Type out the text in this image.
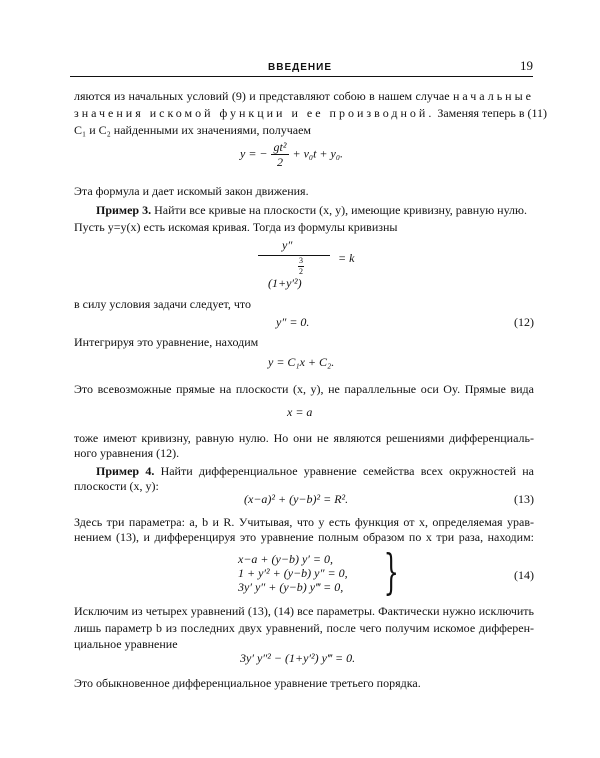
ВВЕДЕНИЕ	19
ляются из начальных условий (9) и представляют собою в нашем случае начальные
значения искомой функции и ее производной. Заменяя теперь в (11)
C₁ и C₂ найденными их значениями, получаем
y = − $\frac{\text{gt²}}{2} + v_0t + y_0$.
Эта формула и дает искомый закон движения.
Пример 3. Найти все кривые на плоскости (x, y), имеющие кривизну, равную нулю.
Пусть y=y(x) есть искомая кривая. Тогда из формулы кривизны
y″
= k
(1+y′²)
$\frac{3}{2}$
в силу условия задачи следует, что
y″ = 0.	(12)
Интегрируя это уравнение, находим
y = C₁x + C₂.
Это всевозможные прямые на плоскости (x, y), не параллельные оси Oy. Прямые вида
x = a
тоже имеют кривизну, равную нулю. Но они не являются решениями дифференциаль-
ного уравнения (12).
Пример 4. Найти дифференциальное уравнение семейства всех окружностей на
плоскости (x, y):
(x−a)² + (y−b)² = R².	(13)
Здесь три параметра: a, b и R. Учитывая, что y есть функция от x, определяемая урав-
нением (13), и дифференцируя это уравнение полным образом по x три раза, находим:
x−a + (y−b) y′ = 0,
1 + y′² + (y−b) y″ = 0,
3y′ y″ + (y−b) y‴ = 0, }	(14)
Исключим из четырех уравнений (13), (14) все параметры. Фактически нужно исключить
лишь параметр b из последних двух уравнений, после чего получим искомое дифферен-
циальное уравнение
3y′ y″² − (1+y′²) y‴ = 0.
Это обыкновенное дифференциальное уравнение третьего порядка.
